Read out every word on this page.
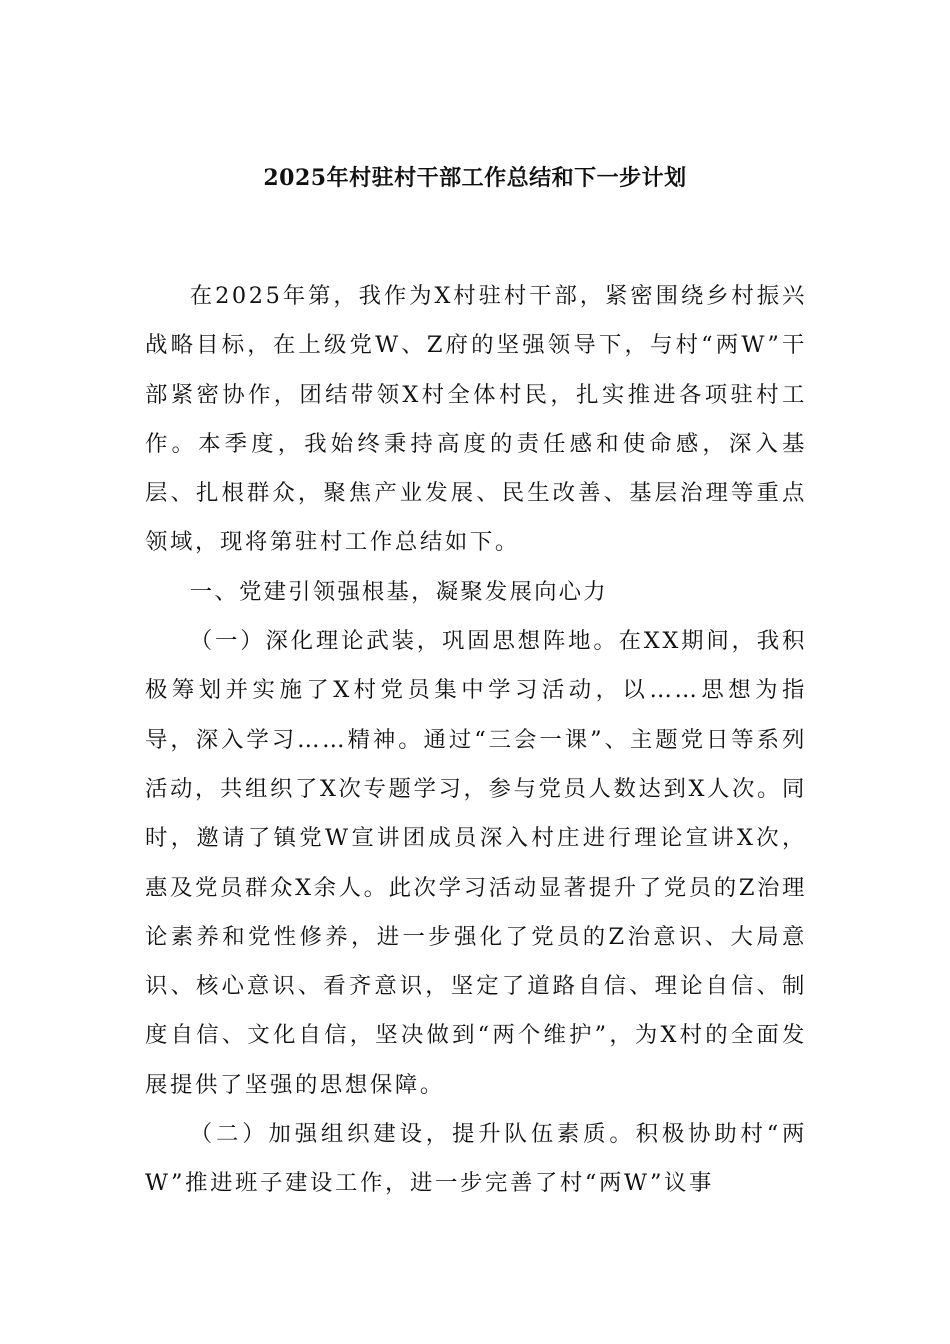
2025年村驻村干部工作总结和下一步计划

在2025年第，我作为X村驻村干部，紧密围绕乡村振兴战略目标，在上级党W、Z府的坚强领导下，与村“两W”干部紧密协作，团结带领X村全体村民，扎实推进各项驻村工作。本季度，我始终秉持高度的责任感和使命感，深入基层、扎根群众，聚焦产业发展、民生改善、基层治理等重点领域，现将第驻村工作总结如下。

一、党建引领强根基，凝聚发展向心力

（一）深化理论武装，巩固思想阵地。在XX期间，我积极筹划并实施了X村党员集中学习活动，以……思想为指导，深入学习……精神。通过“三会一课”、主题党日等系列活动，共组织了X次专题学习，参与党员人数达到X人次。同时，邀请了镇党W宣讲团成员深入村庄进行理论宣讲X次，惠及党员群众X余人。此次学习活动显著提升了党员的Z治理论素养和党性修养，进一步强化了党员的Z治意识、大局意识、核心意识、看齐意识，坚定了道路自信、理论自信、制度自信、文化自信，坚决做到“两个维护”，为X村的全面发展提供了坚强的思想保障。

（二）加强组织建设，提升队伍素质。积极协助村“两W”推进班子建设工作，进一步完善了村“两W”议事
